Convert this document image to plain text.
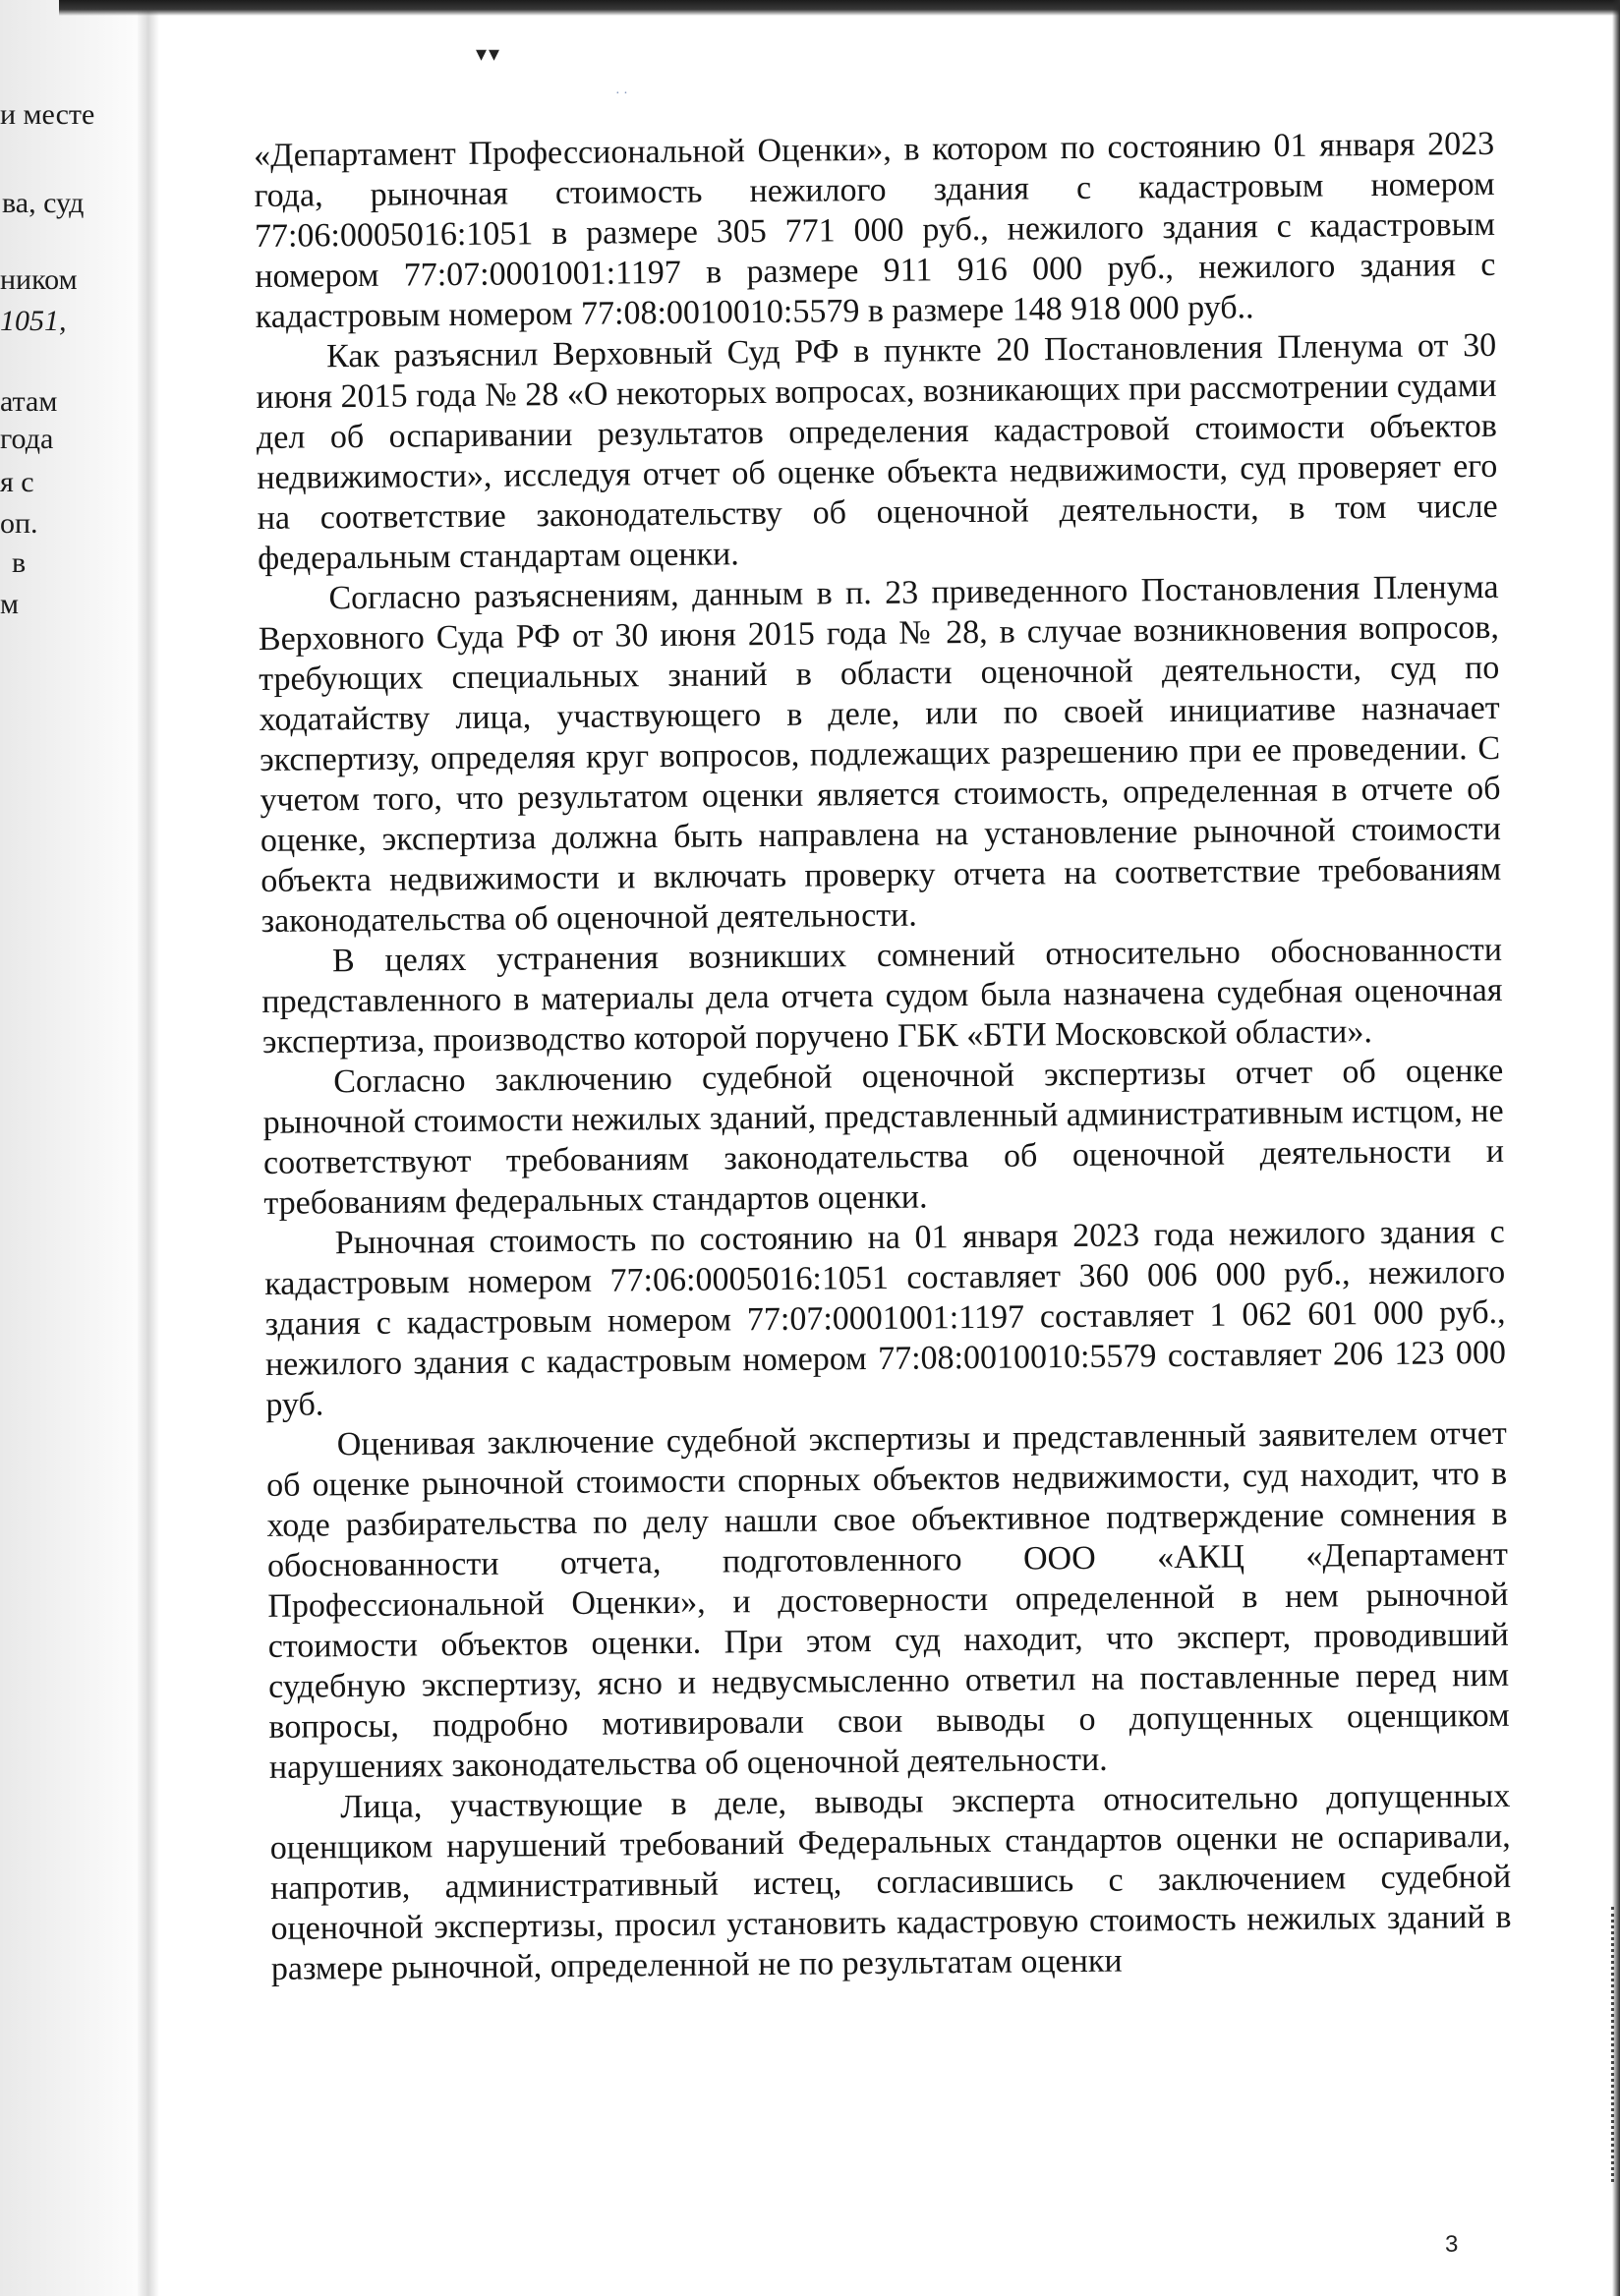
и месте
ва, суд
ником
1051,
атам
года
я с
оп.
в
м
▾▾
· ·

«Департамент Профессиональной Оценки», в котором по состоянию 01 января 2023 года, рыночная стоимость нежилого здания с кадастровым номером 77:06:0005016:1051 в размере 305 771 000 руб., нежилого здания с кадастровым номером 77:07:0001001:1197 в размере 911 916 000 руб., нежилого здания с кадастровым номером 77:08:0010010:5579 в размере 148 918 000 руб..

Как разъяснил Верховный Суд РФ в пункте 20 Постановления Пленума от 30 июня 2015 года № 28 «О некоторых вопросах, возникающих при рассмотрении судами дел об оспаривании результатов определения кадастровой стоимости объектов недвижимости», исследуя отчет об оценке объекта недвижимости, суд проверяет его на соответствие законодательству об оценочной деятельности, в том числе федеральным стандартам оценки.

Согласно разъяснениям, данным в п. 23 приведенного Постановления Пленума Верховного Суда РФ от 30 июня 2015 года № 28, в случае возникновения вопросов, требующих специальных знаний в области оценочной деятельности, суд по ходатайству лица, участвующего в деле, или по своей инициативе назначает экспертизу, определяя круг вопросов, подлежащих разрешению при ее проведении. С учетом того, что результатом оценки является стоимость, определенная в отчете об оценке, экспертиза должна быть направлена на установление рыночной стоимости объекта недвижимости и включать проверку отчета на соответствие требованиям законодательства об оценочной деятельности.

В целях устранения возникших сомнений относительно обоснованности представленного в материалы дела отчета судом была назначена судебная оценочная экспертиза, производство которой поручено ГБК «БТИ Московской области».

Согласно заключению судебной оценочной экспертизы отчет об оценке рыночной стоимости нежилых зданий, представленный административным истцом, не соответствуют требованиям законодательства об оценочной деятельности и требованиям федеральных стандартов оценки.

Рыночная стоимость по состоянию на 01 января 2023 года нежилого здания с кадастровым номером 77:06:0005016:1051 составляет 360 006 000 руб., нежилого здания с кадастровым номером 77:07:0001001:1197 составляет 1 062 601 000 руб., нежилого здания с кадастровым номером 77:08:0010010:5579 составляет 206 123 000 руб.

Оценивая заключение судебной экспертизы и представленный заявителем отчет об оценке рыночной стоимости спорных объектов недвижимости, суд находит, что в ходе разбирательства по делу нашли свое объективное подтверждение сомнения в обоснованности отчета, подготовленного ООО «АКЦ «Департамент Профессиональной Оценки», и достоверности определенной в нем рыночной стоимости объектов оценки. При этом суд находит, что эксперт, проводивший судебную экспертизу, ясно и недвусмысленно ответил на поставленные перед ним вопросы, подробно мотивировали свои выводы о допущенных оценщиком нарушениях законодательства об оценочной деятельности.

Лица, участвующие в деле, выводы эксперта относительно допущенных оценщиком нарушений требований Федеральных стандартов оценки не оспаривали, напротив, административный истец, согласившись с заключением судебной оценочной экспертизы, просил установить кадастровую стоимость нежилых зданий в размере рыночной, определенной не по результатам оценки

3
